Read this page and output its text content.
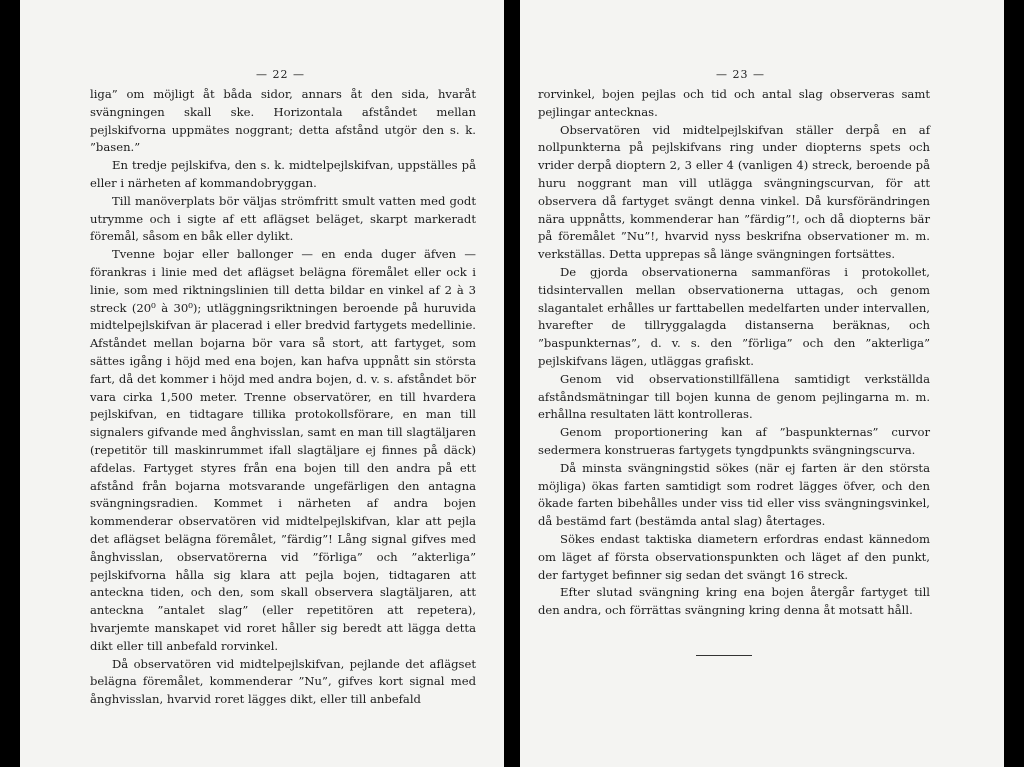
— 22 —

liga” om möjligt åt båda sidor, annars åt den sida, hvaråt svängningen skall ske. Horizontala afståndet mellan pejlskifvorna uppmätes noggrant; detta afstånd utgör den s. k. ”basen.”

En tredje pejlskifva, den s. k. midtelpejlskifvan, uppställes på eller i närheten af kommandobryggan.

Till manöverplats bör väljas strömfritt smult vatten med godt utrymme och i sigte af ett aflägset beläget, skarpt markeradt föremål, såsom en båk eller dylikt.

Tvenne bojar eller ballonger — en enda duger äfven — förankras i linie med det aflägset belägna föremålet eller ock i linie, som med riktningslinien till detta bildar en vinkel af 2 à 3 streck (20⁰ à 30⁰); utläggningsriktningen beroende på huruvida midtelpejlskifvan är placerad i eller bredvid fartygets medellinie. Afståndet mellan bojarna bör vara så stort, att fartyget, som sättes igång i höjd med ena bojen, kan hafva uppnått sin största fart, då det kommer i höjd med andra bojen, d. v. s. afståndet bör vara cirka 1,500 meter. Trenne observatörer, en till hvardera pejlskifvan, en tidtagare tillika protokollsförare, en man till signalers gifvande med ånghvisslan, samt en man till slagtäljaren (repetitör till maskinrummet ifall slagtäljare ej finnes på däck) afdelas. Fartyget styres från ena bojen till den andra på ett afstånd från bojarna motsvarande ungefärligen den antagna svängningsradien. Kommet i närheten af andra bojen kommenderar observatören vid midtelpejlskifvan, klar att pejla det aflägset belägna föremålet, ”färdig”! Lång signal gifves med ånghvisslan, observatörerna vid ”förliga” och ”akterliga” pejlskifvorna hålla sig klara att pejla bojen, tidtagaren att anteckna tiden, och den, som skall observera slagtäljaren, att anteckna ”antalet slag” (eller repetitören att repetera), hvarjemte manskapet vid roret håller sig beredt att lägga detta dikt eller till anbefald rorvinkel.

Då observatören vid midtelpejlskifvan, pejlande det aflägset belägna föremålet, kommenderar ”Nu”, gifves kort signal med ånghvisslan, hvarvid roret lägges dikt, eller till anbefald

— 23 —

rorvinkel, bojen pejlas och tid och antal slag observeras samt pejlingar antecknas.

Observatören vid midtelpejlskifvan ställer derpå en af nollpunkterna på pejlskifvans ring under diopterns spets och vrider derpå dioptern 2, 3 eller 4 (vanligen 4) streck, beroende på huru noggrant man vill utlägga svängningscurvan, för att observera då fartyget svängt denna vinkel. Då kursförändringen nära uppnåtts, kommenderar han ”färdig”!, och då diopterns bär på föremålet ”Nu”!, hvarvid nyss beskrifna observationer m. m. verkställas. Detta upprepas så länge svängningen fortsättes.

De gjorda observationerna sammanföras i protokollet, tidsintervallen mellan observationerna uttagas, och genom slagantalet erhålles ur farttabellen medelfarten under intervallen, hvarefter de tillryggalagda distanserna beräknas, och ”baspunkternas”, d. v. s. den ”förliga” och den ”akterliga” pejlskifvans lägen, utläggas grafiskt.

Genom vid observationstillfällena samtidigt verkställda afståndsmätningar till bojen kunna de genom pejlingarna m. m. erhållna resultaten lätt kontrolleras.

Genom proportionering kan af ”baspunkternas” curvor sedermera konstrueras fartygets tyngdpunkts svängningscurva.

Då minsta svängningstid sökes (när ej farten är den största möjliga) ökas farten samtidigt som rodret lägges öfver, och den ökade farten bibehålles under viss tid eller viss svängningsvinkel, då bestämd fart (bestämda antal slag) återtages.

Sökes endast taktiska diametern erfordras endast kännedom om läget af första observationspunkten och läget af den punkt, der fartyget befinner sig sedan det svängt 16 streck.

Efter slutad svängning kring ena bojen återgår fartyget till den andra, och förrättas svängning kring denna åt motsatt håll.
